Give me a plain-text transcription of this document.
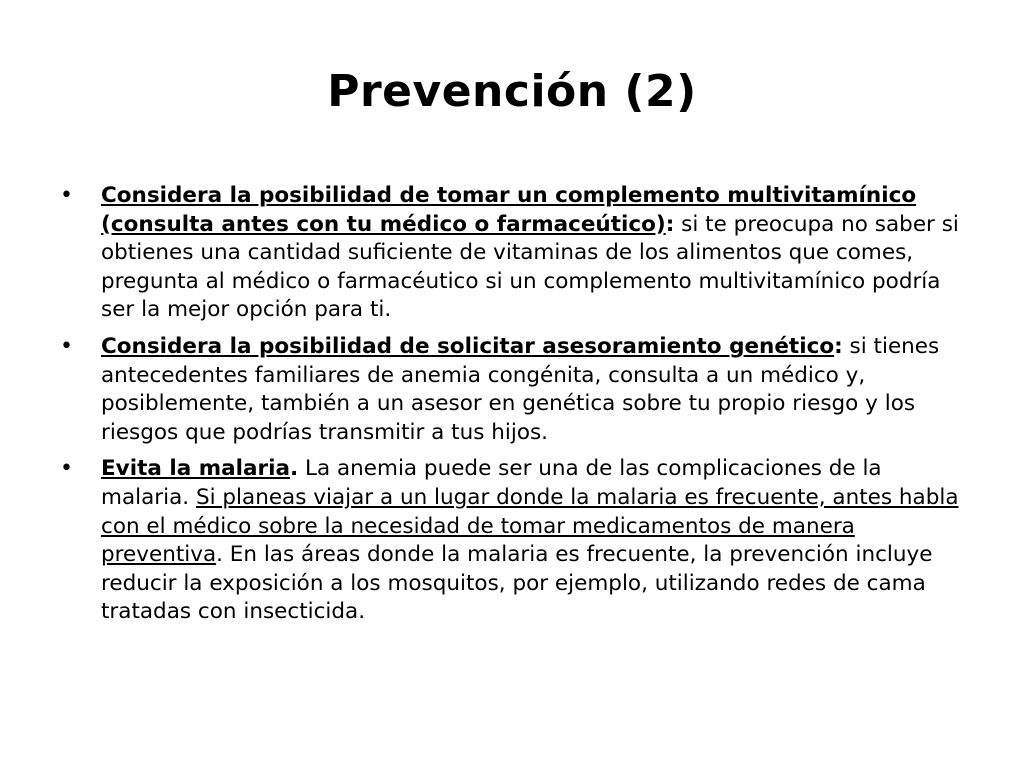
Prevención (2)
• Considera la posibilidad de tomar un complemento multivitamínico (consulta antes con tu médico o farmaceútico): si te preocupa no saber si obtienes una cantidad suficiente de vitaminas de los alimentos que comes, pregunta al médico o farmacéutico si un complemento multivitamínico podría ser la mejor opción para ti.
• Considera la posibilidad de solicitar asesoramiento genético: si tienes antecedentes familiares de anemia congénita, consulta a un médico y, posiblemente, también a un asesor en genética sobre tu propio riesgo y los riesgos que podrías transmitir a tus hijos.
• Evita la malaria. La anemia puede ser una de las complicaciones de la malaria. Si planeas viajar a un lugar donde la malaria es frecuente, antes habla con el médico sobre la necesidad de tomar medicamentos de manera preventiva. En las áreas donde la malaria es frecuente, la prevención incluye reducir la exposición a los mosquitos, por ejemplo, utilizando redes de cama tratadas con insecticida.
